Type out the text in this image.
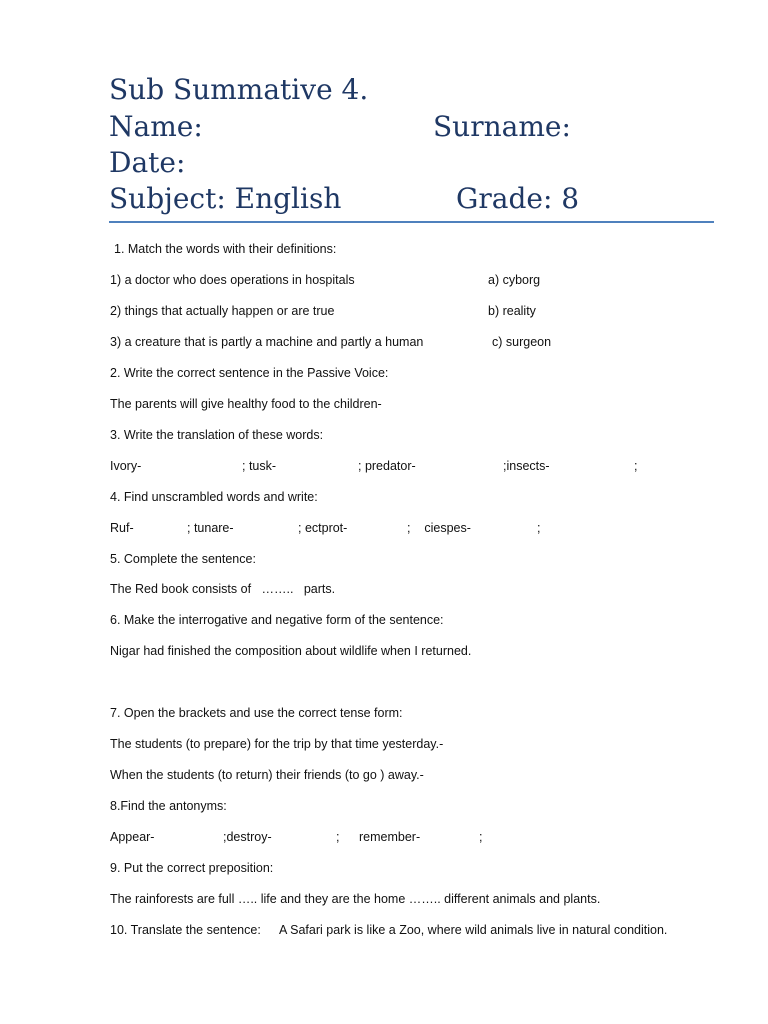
Sub Summative 4.
Name:	Surname:
Date:
Subject: English	Grade: 8
1. Match the words with their definitions:
1) a doctor who does operations in hospitals	a) cyborg
2) things that actually happen or are true	b) reality
3) a creature that is partly a machine and partly a human	c) surgeon
2. Write the correct sentence in the Passive Voice:
The parents will give healthy food to the children-
3. Write the translation of these words:
Ivory-	; tusk-	; predator-	;insects-	;
4. Find unscrambled words and write:
Ruf-	; tunare-	; ectprot-	;    ciespes-	;
5. Complete the sentence:
The Red book consists of   ……..   parts.
6. Make the interrogative and negative form of the sentence:
Nigar had finished the composition about wildlife when I returned.
7. Open the brackets and use the correct tense form:
The students (to prepare) for the trip by that time yesterday.-
When the students (to return) their friends (to go ) away.-
8.Find the antonyms:
Appear-	;destroy-	; remember-	;
9. Put the correct preposition:
The rainforests are full ….. life and they are the home …….. different animals and plants.
10. Translate the sentence: A Safari park is like a Zoo, where wild animals live in natural condition.
